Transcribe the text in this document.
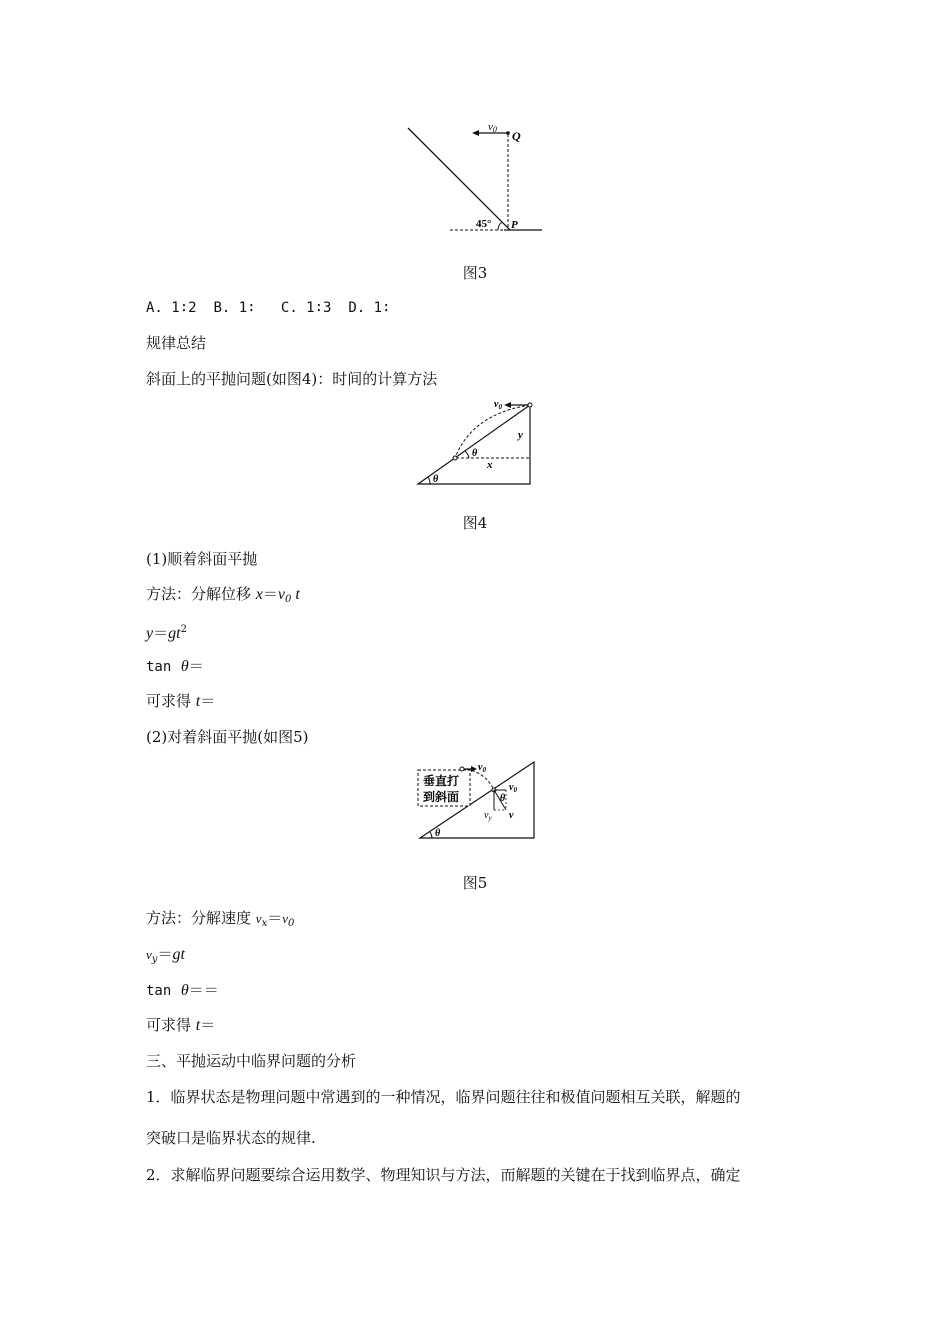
v0 Q
45° P
图3
A. 1∶2 B. 1∶ C. 1∶3 D. 1∶
规律总结
斜面上的平抛问题(如图4)：时间的计算方法
$v_0$
y
x
θ
θ
图4
(1)顺着斜面平抛
方法：分解位移 $x=v_0$ t
$y=gt^2$
tan θ＝
可求得 t＝
(2)对着斜面平抛(如图5)
垂直打
到斜面
$v_0$
$v_0$
θ
$v_y$ v
θ
图5
方法：分解速度 $v_x=v_0$
$v_y=gt$
tan θ＝＝
可求得 t＝
三、平抛运动中临界问题的分析
1．临界状态是物理问题中常遇到的一种情况，临界问题往往和极值问题相互关联，解题的
突破口是临界状态的规律.
2．求解临界问题要综合运用数学、物理知识与方法，而解题的关键在于找到临界点，确定
